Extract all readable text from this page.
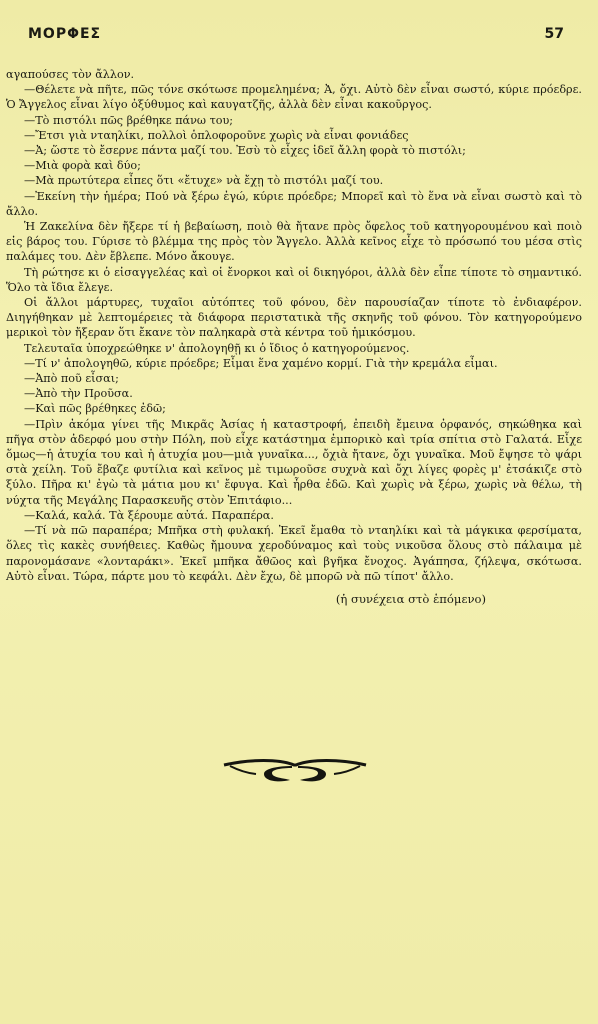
ΜΟΡΦΕΣ	57

αγαπούσες τὸν ἄλλον.

—Θέλετε νὰ πῆτε, πῶς τόνε σκότωσε προμελημένα; Ἀ, ὄχι. Αὐτὸ δὲν εἶναι σωστό, κύριε πρόεδρε. Ὁ Ἄγγελος εἶναι λίγο ὀξύθυμος καὶ καυγατζῆς, ἀλλὰ δὲν εἶναι κακοῦργος.

—Τὸ πιστόλι πῶς βρέθηκε πάνω του;

—Ἔτσι γιὰ νταηλίκι, πολλοὶ ὁπλοφοροῦνε χωρὶς νὰ εἶναι φονιάδες

—Ἀ; ὥστε τὸ ἔσερνε πάντα μαζί του. Ἐσὺ τὸ εἶχες ἰδεῖ ἄλλη φορὰ τὸ πιστόλι;

—Μιὰ φορὰ καὶ δύο;

—Μὰ πρωτύτερα εἶπες ὅτι «ἔτυχε» νὰ ἔχῃ τὸ πιστόλι μαζί του.

—Ἐκείνη τὴν ἡμέρα; Πού νὰ ξέρω ἐγώ, κύριε πρόεδρε; Μπορεῖ καὶ τὸ ἕνα νὰ εἶναι σωστὸ καὶ τὸ ἄλλο.

Ἡ Ζακελίνα δὲν ἤξερε τί ἡ βεβαίωση, ποιὸ θὰ ἤτανε πρὸς ὄφελος τοῦ κατηγορουμένου καὶ ποιὸ εἰς βάρος του. Γύρισε τὸ βλέμμα της πρὸς τὸν Ἄγγελο. Ἀλλὰ κεῖνος εἶχε τὸ πρόσωπό του μέσα στὶς παλάμες του. Δὲν ἔβλεπε. Μόνο ἄκουγε.

Τὴ ρώτησε κι ὁ εἰσαγγελέας καὶ οἱ ἔνορκοι καὶ οἱ δικηγόροι, ἀλλὰ δὲν εἶπε τίποτε τὸ σημαντικό. Ὅλο τὰ ἴδια ἔλεγε.

Οἱ ἄλλοι μάρτυρες, τυχαῖοι αὐτόπτες τοῦ φόνου, δὲν παρουσίαζαν τίποτε τὸ ἐνδιαφέρον. Διηγήθηκαν μὲ λεπτομέρειες τὰ διάφορα περιστατικὰ τῆς σκηνῆς τοῦ φόνου. Τὸν κατηγορούμενο μερικοὶ τὸν ἤξεραν ὅτι ἔκανε τὸν παληκαρὰ στὰ κέντρα τοῦ ἡμικόσμου.

Τελευταῖα ὑποχρεώθηκε ν' ἀπολογηθῇ κι ὁ ἴδιος ὁ κατηγορούμενος.

—Τί ν' ἀπολογηθῶ, κύριε πρόεδρε; Εἶμαι ἕνα χαμένο κορμί. Γιὰ τὴν κρεμάλα εἶμαι.

—Ἀπὸ ποῦ εἶσαι;

—Ἀπὸ τὴν Προῦσα.

—Καὶ πῶς βρέθηκες ἐδῶ;

—Πρὶν ἀκόμα γίνει τῆς Μικρᾶς Ἀσίας ἡ καταστροφή, ἐπειδὴ ἔμεινα ὀρφανός, σηκώθηκα καὶ πῆγα στὸν ἀδερφό μου στὴν Πόλη, ποὺ εἶχε κατάστημα ἐμπορικὸ καὶ τρία σπίτια στὸ Γαλατά. Εἶχε ὅμως—ἡ ἀτυχία του καὶ ἡ ἀτυχία μου—μιὰ γυναῖκα..., ὄχιὰ ἤτανε, ὄχι γυναῖκα. Μοῦ ἔψησε τὸ ψάρι στὰ χείλη. Τοῦ ἔβαζε φυτίλια καὶ κεῖνος μὲ τιμωροῦσε συχνὰ καὶ ὄχι λίγες φορὲς μ' ἐτσάκιζε στὸ ξύλο. Πῆρα κι' ἐγὼ τὰ μάτια μου κι' ἔφυγα. Καὶ ἦρθα ἐδῶ. Καὶ χωρὶς νὰ ξέρω, χωρὶς νὰ θέλω, τὴ νύχτα τῆς Μεγάλης Παρασκευῆς στὸν Ἐπιτάφιο...

—Καλά, καλά. Τὰ ξέρουμε αὐτά. Παραπέρα.

—Τί νὰ πῶ παραπέρα; Μπῆκα στὴ φυλακή. Ἐκεῖ ἔμαθα τὸ νταηλίκι καὶ τὰ μάγκικα φερσίματα, ὅλες τὶς κακὲς συνήθειες. Καθὼς ἤμουνα χεροδύναμος καὶ τοὺς νικοῦσα ὅλους στὸ πάλαιμα μὲ παρονομάσανε «λονταράκι». Ἐκεῖ μπῆκα ἄθῶος καὶ βγῆκα ἔνοχος. Ἀγάπησα, ζήλεψα, σκότωσα. Αὐτὸ εἶναι. Τώρα, πάρτε μου τὸ κεφάλι. Δὲν ἔχω, δὲ μπορῶ νὰ πῶ τίποτ' ἄλλο.

(ἡ συνέχεια στὸ ἑπόμενο)
